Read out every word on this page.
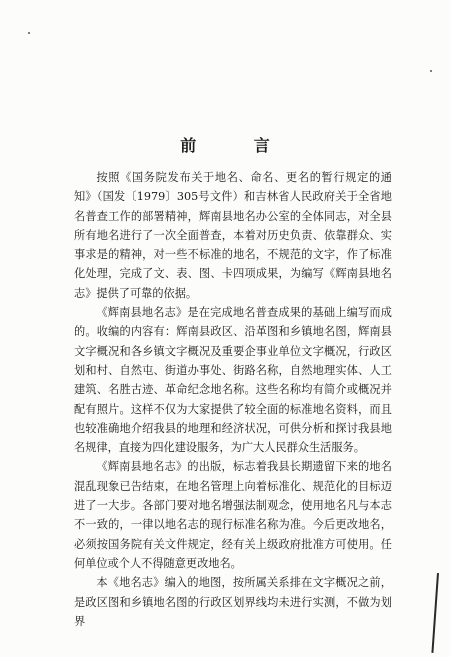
前 言

按照《国务院发布关于地名、命名、更名的暂行规定的通知》（国发〔1979〕305号文件）和吉林省人民政府关于全省地名普查工作的部署精神，辉南县地名办公室的全体同志，对全县所有地名进行了一次全面普查，本着对历史负责、依靠群众、实事求是的精神，对一些不标准的地名，不规范的文字，作了标准化处理，完成了文、表、图、卡四项成果，为编写《辉南县地名志》提供了可靠的依据。

《辉南县地名志》是在完成地名普查成果的基础上编写而成的。收编的内容有：辉南县政区、沿革图和乡镇地名图，辉南县文字概况和各乡镇文字概况及重要企事业单位文字概况，行政区划和村、自然屯、街道办事处、街路名称，自然地理实体、人工建筑、名胜古迹、革命纪念地名称。这些名称均有简介或概况并配有照片。这样不仅为大家提供了较全面的标准地名资料，而且也较准确地介绍我县的地理和经济状况，可供分析和探讨我县地名规律，直接为四化建设服务，为广大人民群众生活服务。

《辉南县地名志》的出版，标志着我县长期遗留下来的地名混乱现象已告结束，在地名管理上向着标准化、规范化的目标迈进了一大步。各部门要对地名增强法制观念，使用地名凡与本志不一致的，一律以地名志的现行标准名称为准。今后更改地名，必须按国务院有关文件规定，经有关上级政府批准方可使用。任何单位或个人不得随意更改地名。

本《地名志》编入的地图，按所属关系排在文字概况之前，是政区图和乡镇地名图的行政区划界线均未进行实测，不做为划界
